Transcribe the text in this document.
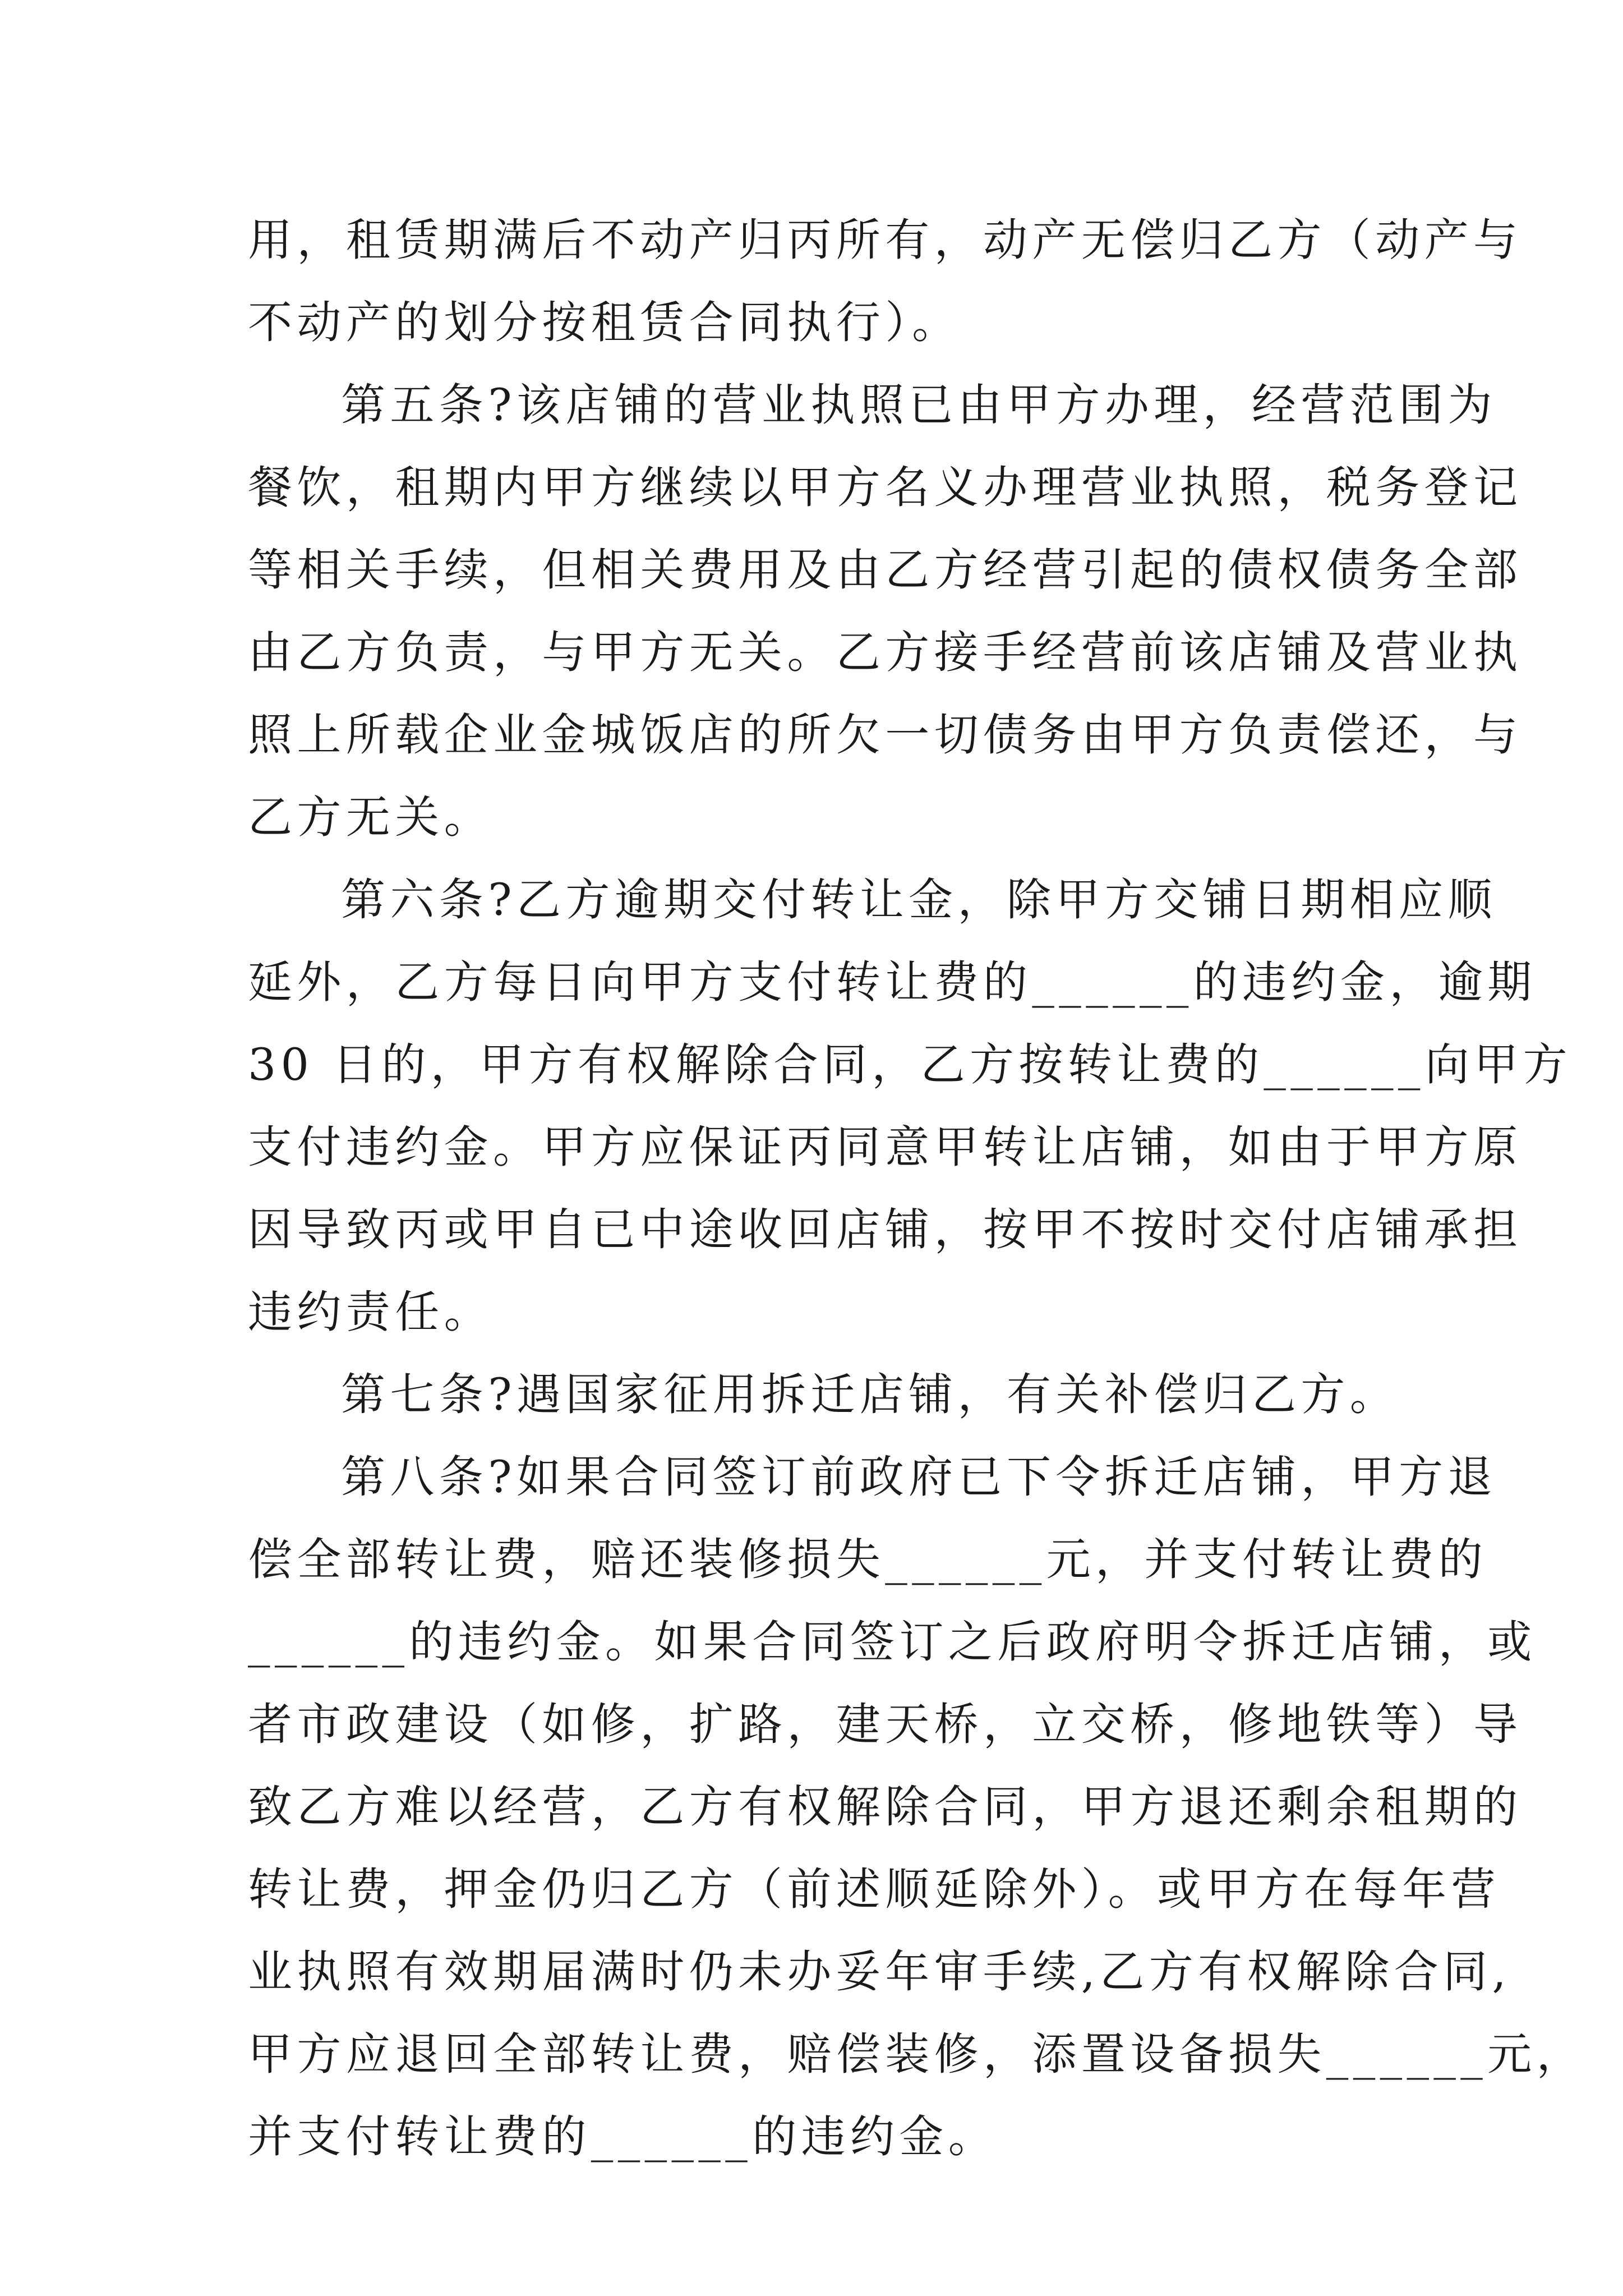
用，租赁期满后不动产归丙所有，动产无偿归乙方（动产与
不动产的划分按租赁合同执行）。

第五条?该店铺的营业执照已由甲方办理，经营范围为
餐饮，租期内甲方继续以甲方名义办理营业执照，税务登记
等相关手续，但相关费用及由乙方经营引起的债权债务全部
由乙方负责，与甲方无关。乙方接手经营前该店铺及营业执
照上所载企业金城饭店的所欠一切债务由甲方负责偿还，与
乙方无关。

第六条?乙方逾期交付转让金，除甲方交铺日期相应顺
延外，乙方每日向甲方支付转让费的______的违约金，逾期
30 日的，甲方有权解除合同，乙方按转让费的______向甲方
支付违约金。甲方应保证丙同意甲转让店铺，如由于甲方原
因导致丙或甲自已中途收回店铺，按甲不按时交付店铺承担
违约责任。

第七条?遇国家征用拆迁店铺，有关补偿归乙方。

第八条?如果合同签订前政府已下令拆迁店铺，甲方退
偿全部转让费，赔还装修损失______元，并支付转让费的
______的违约金。如果合同签订之后政府明令拆迁店铺，或
者市政建设（如修，扩路，建天桥，立交桥，修地铁等）导
致乙方难以经营，乙方有权解除合同，甲方退还剩余租期的
转让费，押金仍归乙方（前述顺延除外）。或甲方在每年营
业执照有效期届满时仍未办妥年审手续,乙方有权解除合同,
甲方应退回全部转让费，赔偿装修，添置设备损失______元，
并支付转让费的______的违约金。
